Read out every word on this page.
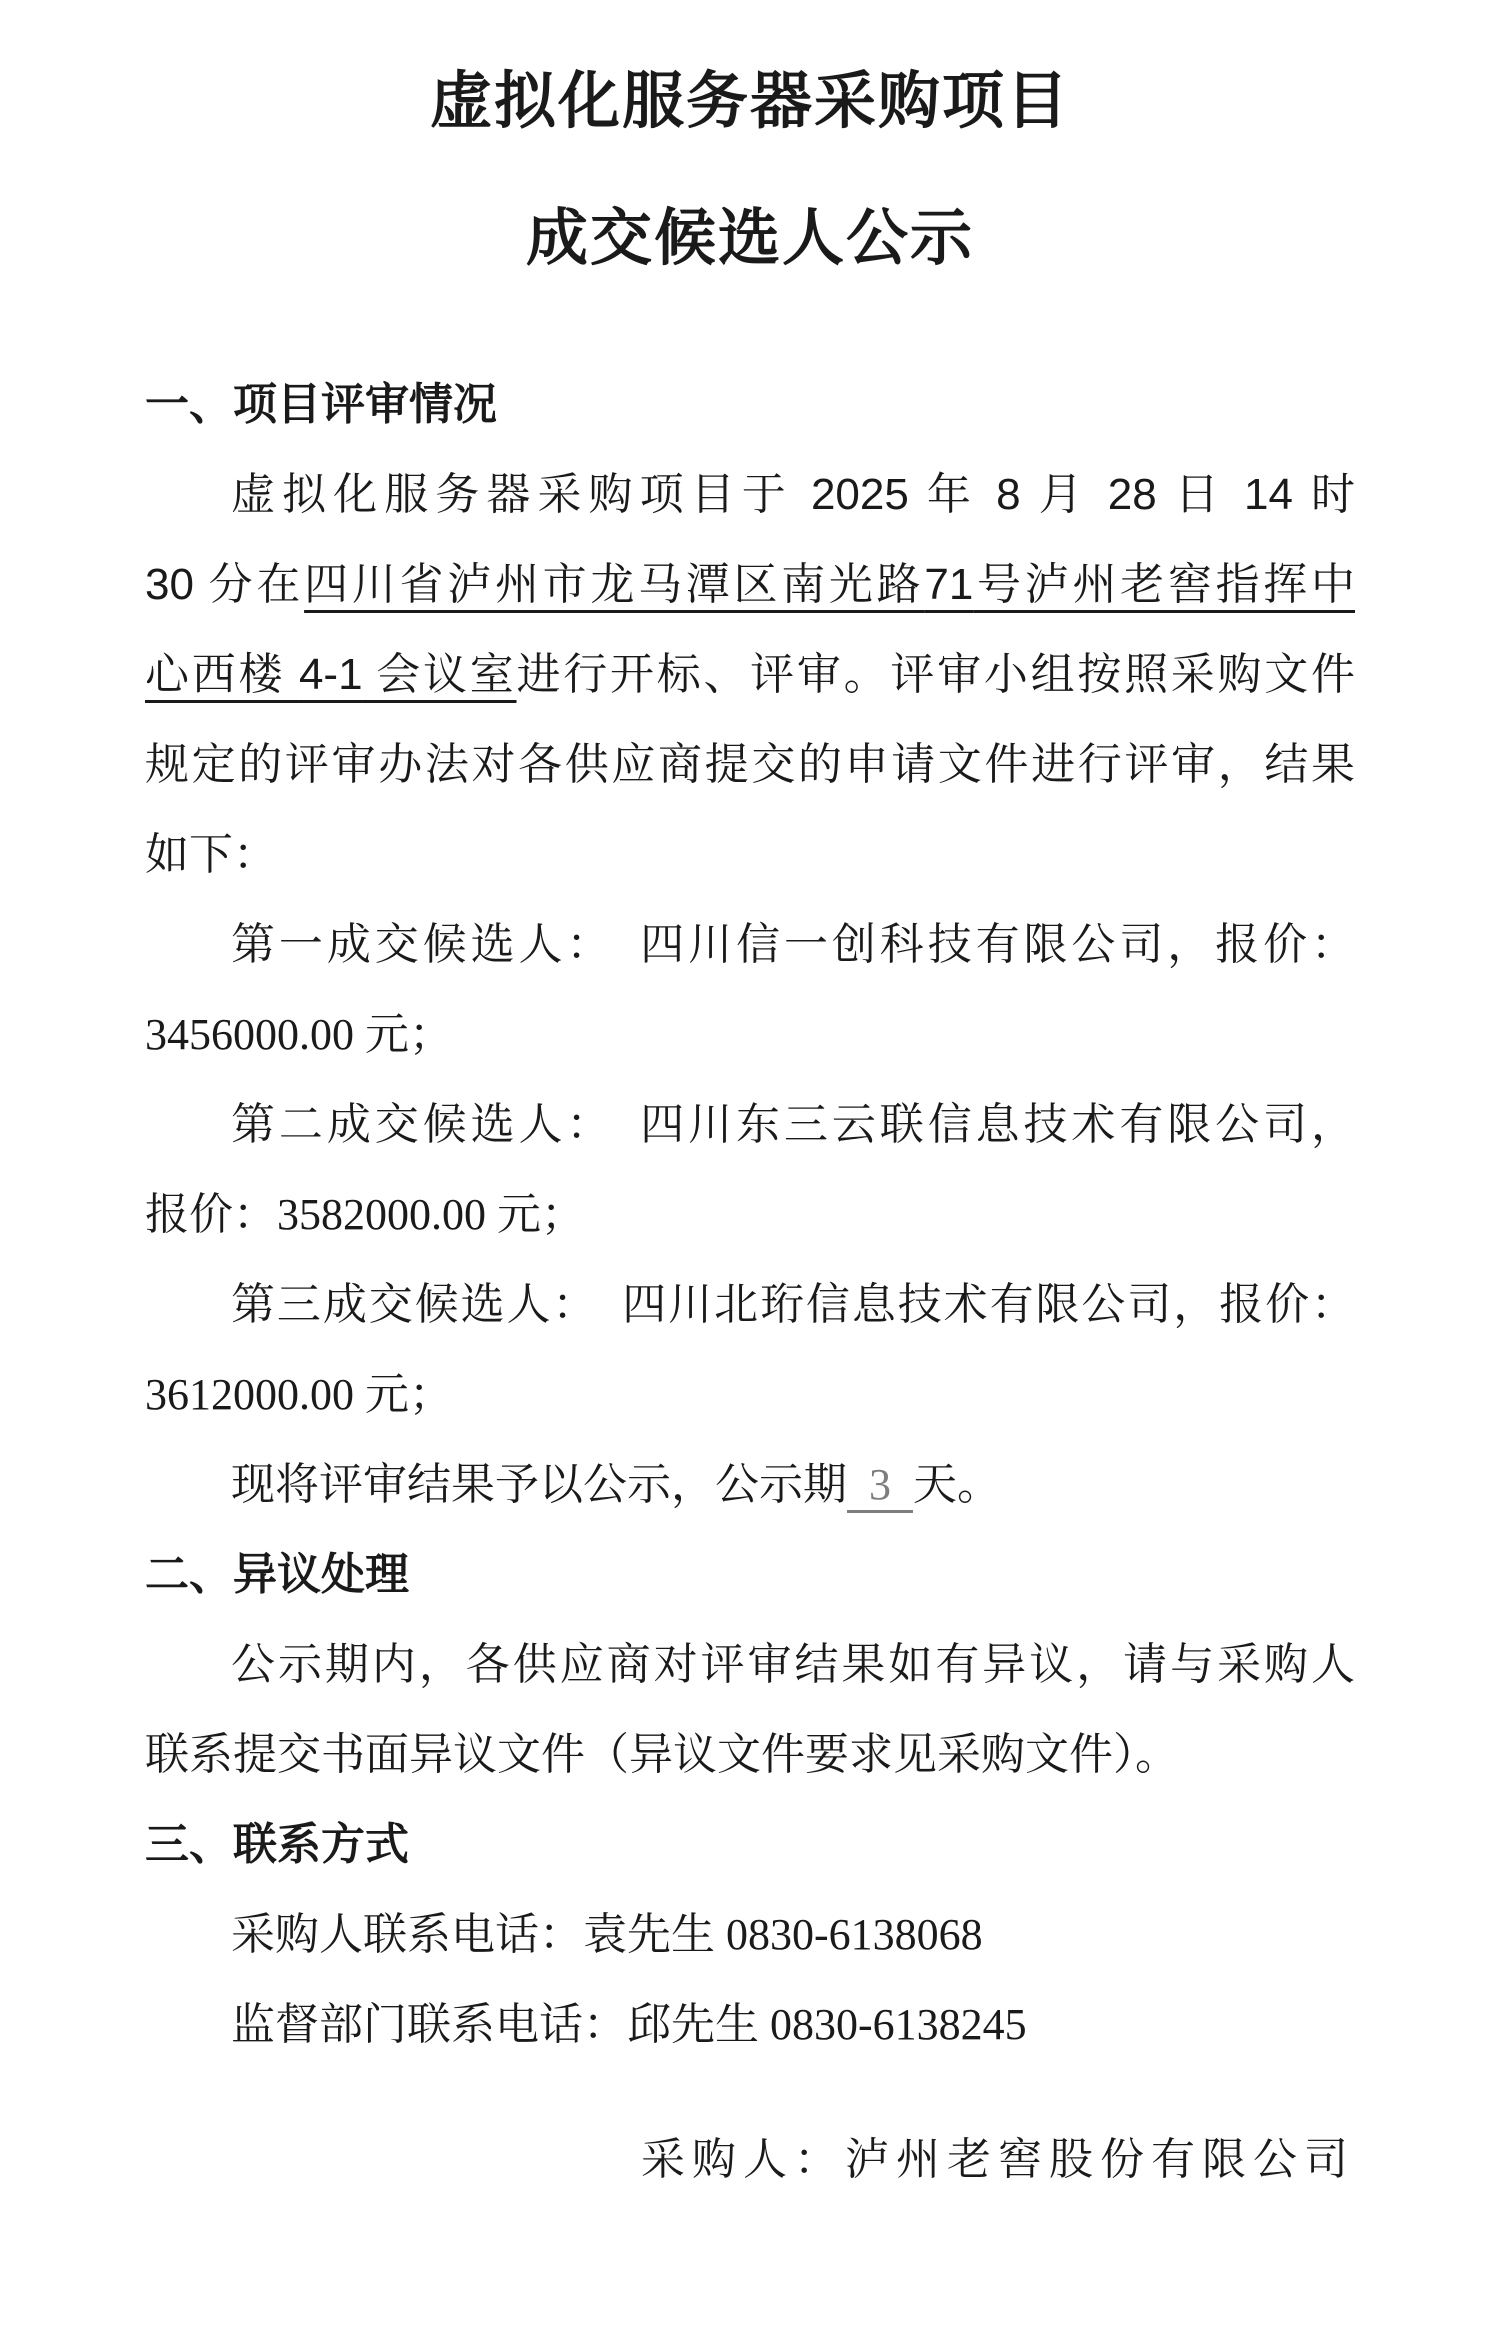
虚拟化服务器采购项目
成交候选人公示
一、项目评审情况
虚拟化服务器采购项目于 2025 年 8 月 28 日 14 时
30 分在四川省泸州市龙马潭区南光路71号泸州老窖指挥中
心西楼 4-1 会议室进行开标、评审。评审小组按照采购文件
规定的评审办法对各供应商提交的申请文件进行评审，结果
如下：
第一成交候选人：　四川信一创科技有限公司，报价：
3456000.00 元；
第二成交候选人：　四川东三云联信息技术有限公司，
报价：3582000.00 元；
第三成交候选人：　四川北珩信息技术有限公司，报价：
3612000.00 元；
现将评审结果予以公示，公示期  3  天。
二、异议处理
公示期内，各供应商对评审结果如有异议，请与采购人
联系提交书面异议文件（异议文件要求见采购文件）。
三、联系方式
采购人联系电话：袁先生 0830-6138068
监督部门联系电话：邱先生 0830-6138245
采购人：泸州老窖股份有限公司
